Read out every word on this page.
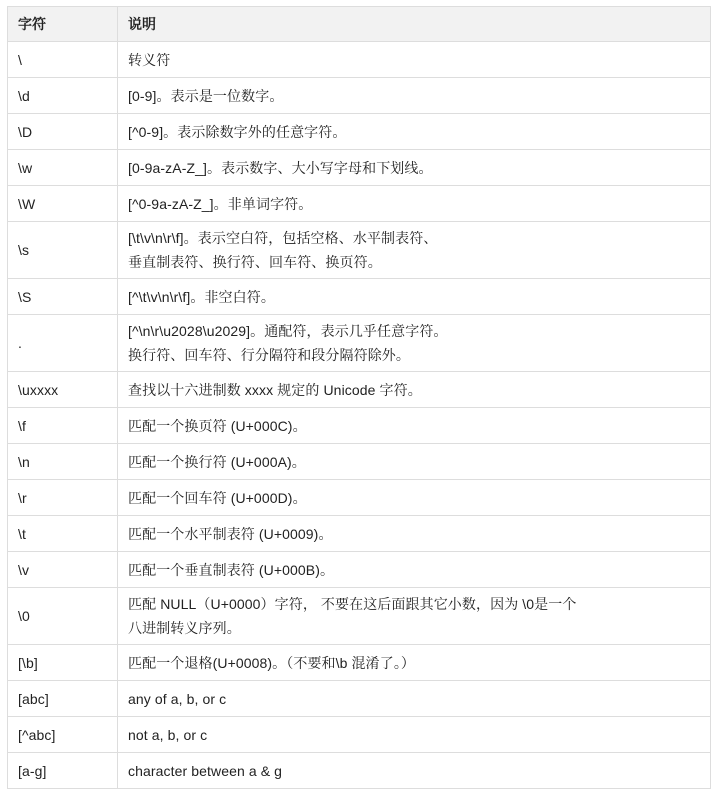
字符	说明
\	转义符

\d	[0-9]。表示是一位数字。

\D	[^0-9]。表示除数字外的任意字符。

\w	[0-9a-zA-Z_]。表示数字、大小写字母和下划线。

\W	[^0-9a-zA-Z_]。非单词字符。

\s	[\t\v\n\r\f]。表示空白符，包括空格、水平制表符、
垂直制表符、换行符、回车符、换页符。

\S	[^\t\v\n\r\f]。非空白符。

.	[^\n\r\u2028\u2029]。通配符，表示几乎任意字符。
换行符、回车符、行分隔符和段分隔符除外。

\uxxxx	查找以十六进制数 xxxx 规定的 Unicode 字符。

\f	匹配一个换页符 (U+000C)。

\n	匹配一个换行符 (U+000A)。

\r	匹配一个回车符 (U+000D)。

\t	匹配一个水平制表符 (U+0009)。

\v	匹配一个垂直制表符 (U+000B)。

\0	匹配 NULL（U+0000）字符， 不要在这后面跟其它小数，因为 \0是一个
八进制转义序列。

[\b]	匹配一个退格(U+0008)。（不要和\b 混淆了。）

[abc]	any of a, b, or c

[^abc]	not a, b, or c

[a-g]	character between a & g
